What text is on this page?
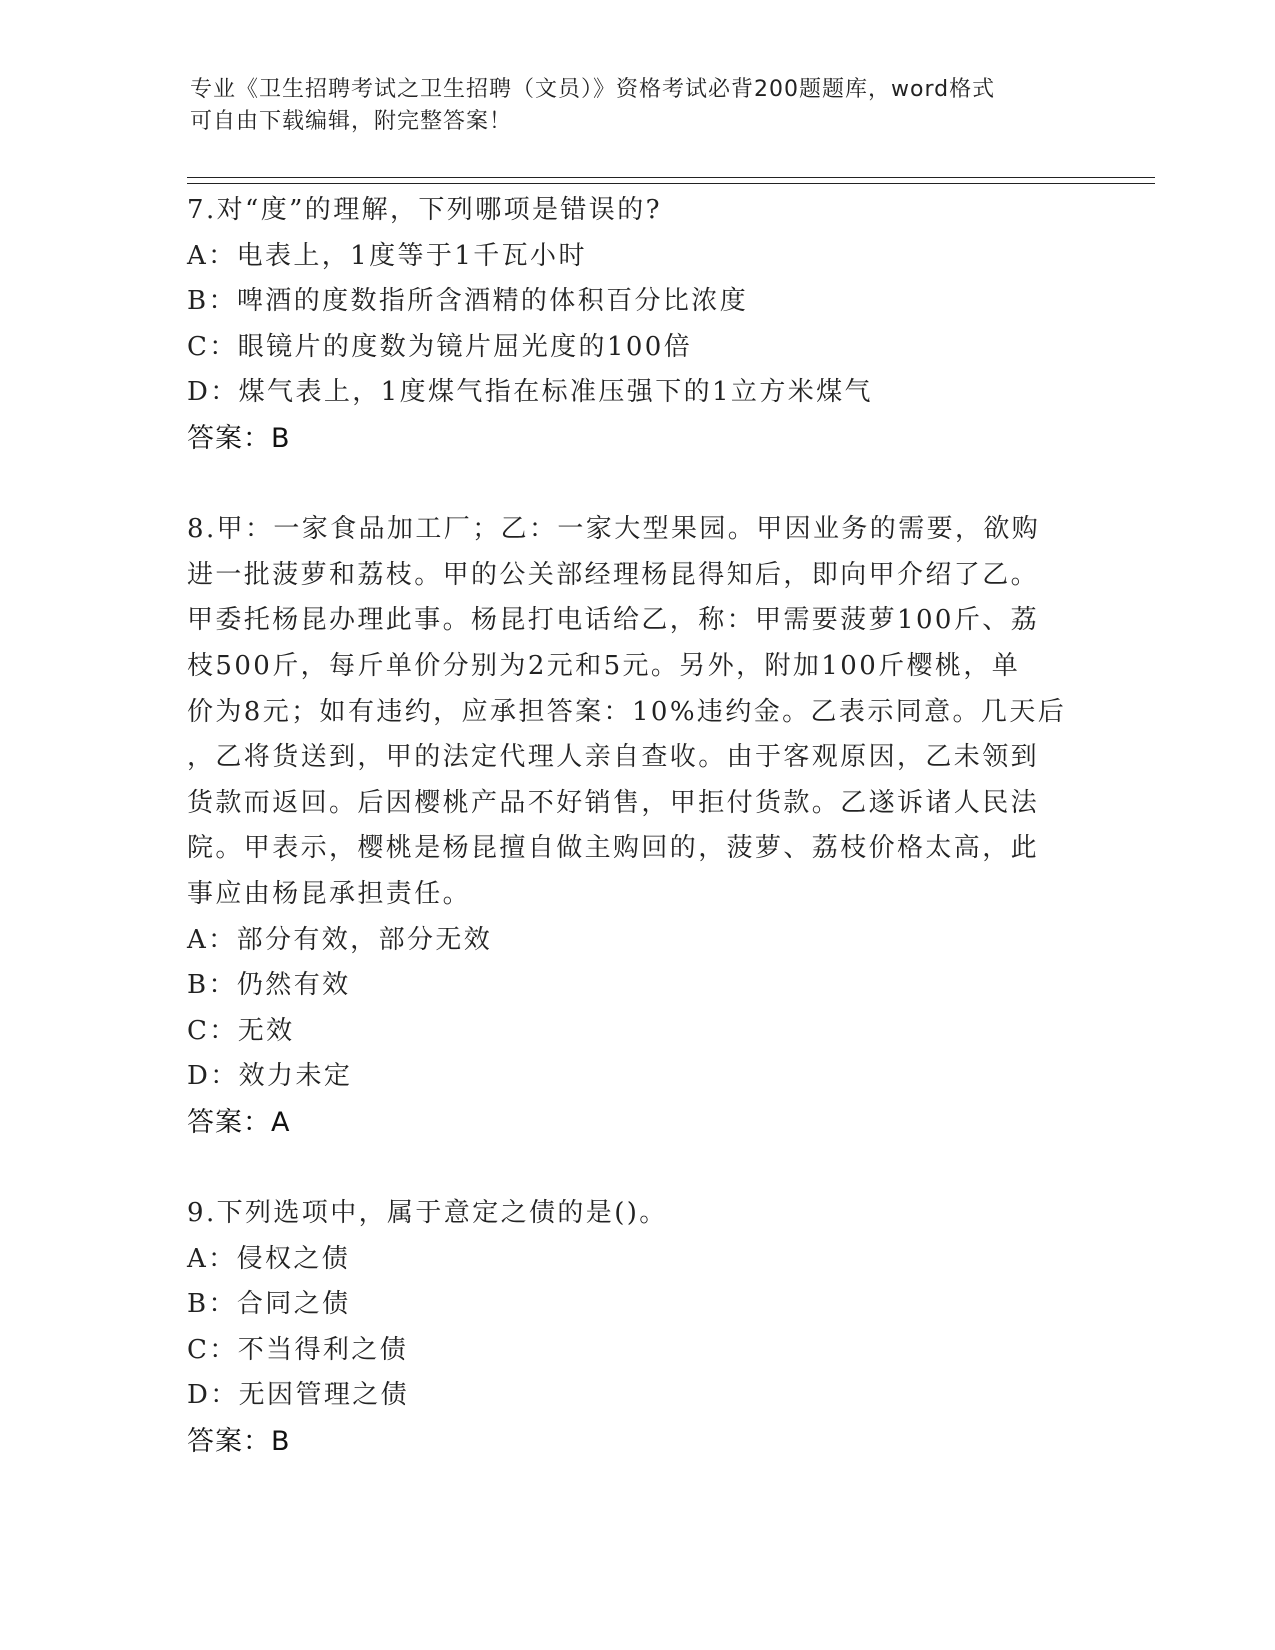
专业《卫生招聘考试之卫生招聘（文员）》资格考试必背200题题库，word格式
可自由下载编辑，附完整答案！
7.对“度”的理解，下列哪项是错误的?
A：电表上，1度等于1千瓦小时
B：啤酒的度数指所含酒精的体积百分比浓度
C：眼镜片的度数为镜片屈光度的100倍
D：煤气表上，1度煤气指在标准压强下的1立方米煤气
答案：B
8.甲：一家食品加工厂；乙：一家大型果园。甲因业务的需要，欲购
进一批菠萝和荔枝。甲的公关部经理杨昆得知后，即向甲介绍了乙。
甲委托杨昆办理此事。杨昆打电话给乙，称：甲需要菠萝100斤、荔
枝500斤，每斤单价分别为2元和5元。另外，附加100斤樱桃，单
价为8元；如有违约，应承担答案：10%违约金。乙表示同意。几天后
，乙将货送到，甲的法定代理人亲自查收。由于客观原因，乙未领到
货款而返回。后因樱桃产品不好销售，甲拒付货款。乙遂诉诸人民法
院。甲表示，樱桃是杨昆擅自做主购回的，菠萝、荔枝价格太高，此
事应由杨昆承担责任。
A：部分有效，部分无效
B：仍然有效
C：无效
D：效力未定
答案：A
9.下列选项中，属于意定之债的是()。
A：侵权之债
B：合同之债
C：不当得利之债
D：无因管理之债
答案：B
